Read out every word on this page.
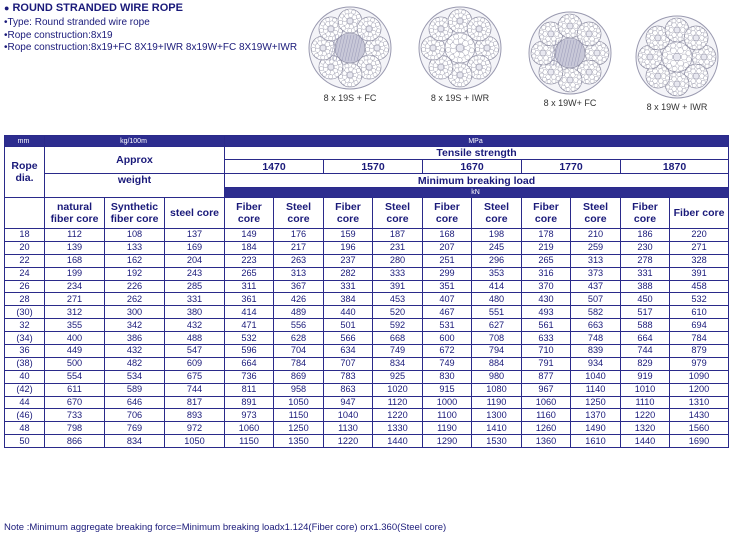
● ROUND STRANDED WIRE ROPE
•Type: Round stranded wire rope
•Rope construction:8x19
•Rope construction:8x19+FC 8X19+IWR 8x19W+FC 8X19W+IWR
8 x 19S + FC	8 x 19S + IWR	8 x 19W+ FC	8 x 19W + IWR
mm	kg/100m			MPa									
Rope dia.	Approx			Tensile strength									
				1470		1570		1670		1770		1870	
	weight			Minimum breaking load									
				kN									
	natural fiber core	Synthetic fiber core	steel core	Fiber core	Steel core	Fiber core	Steel core	Fiber core	Steel core	Fiber core	Steel core	Fiber core	Fiber core
18	112	108	137	149	176	159	187	168	198	178	210	186	220
20	139	133	169	184	217	196	231	207	245	219	259	230	271
22	168	162	204	223	263	237	280	251	296	265	313	278	328
24	199	192	243	265	313	282	333	299	353	316	373	331	391
26	234	226	285	311	367	331	391	351	414	370	437	388	458
28	271	262	331	361	426	384	453	407	480	430	507	450	532
(30)	312	300	380	414	489	440	520	467	551	493	582	517	610
32	355	342	432	471	556	501	592	531	627	561	663	588	694
(34)	400	386	488	532	628	566	668	600	708	633	748	664	784
36	449	432	547	596	704	634	749	672	794	710	839	744	879
(38)	500	482	609	664	784	707	834	749	884	791	934	829	979
40	554	534	675	736	869	783	925	830	980	877	1040	919	1090
(42)	611	589	744	811	958	863	1020	915	1080	967	1140	1010	1200
44	670	646	817	891	1050	947	1120	1000	1190	1060	1250	1110	1310
(46)	733	706	893	973	1150	1040	1220	1100	1300	1160	1370	1220	1430
48	798	769	972	1060	1250	1130	1330	1190	1410	1260	1490	1320	1560
50	866	834	1050	1150	1350	1220	1440	1290	1530	1360	1610	1440	1690
Note :Minimum aggregate breaking force=Minimum breaking loadx1.124(Fiber core) orx1.360(Steel core)
